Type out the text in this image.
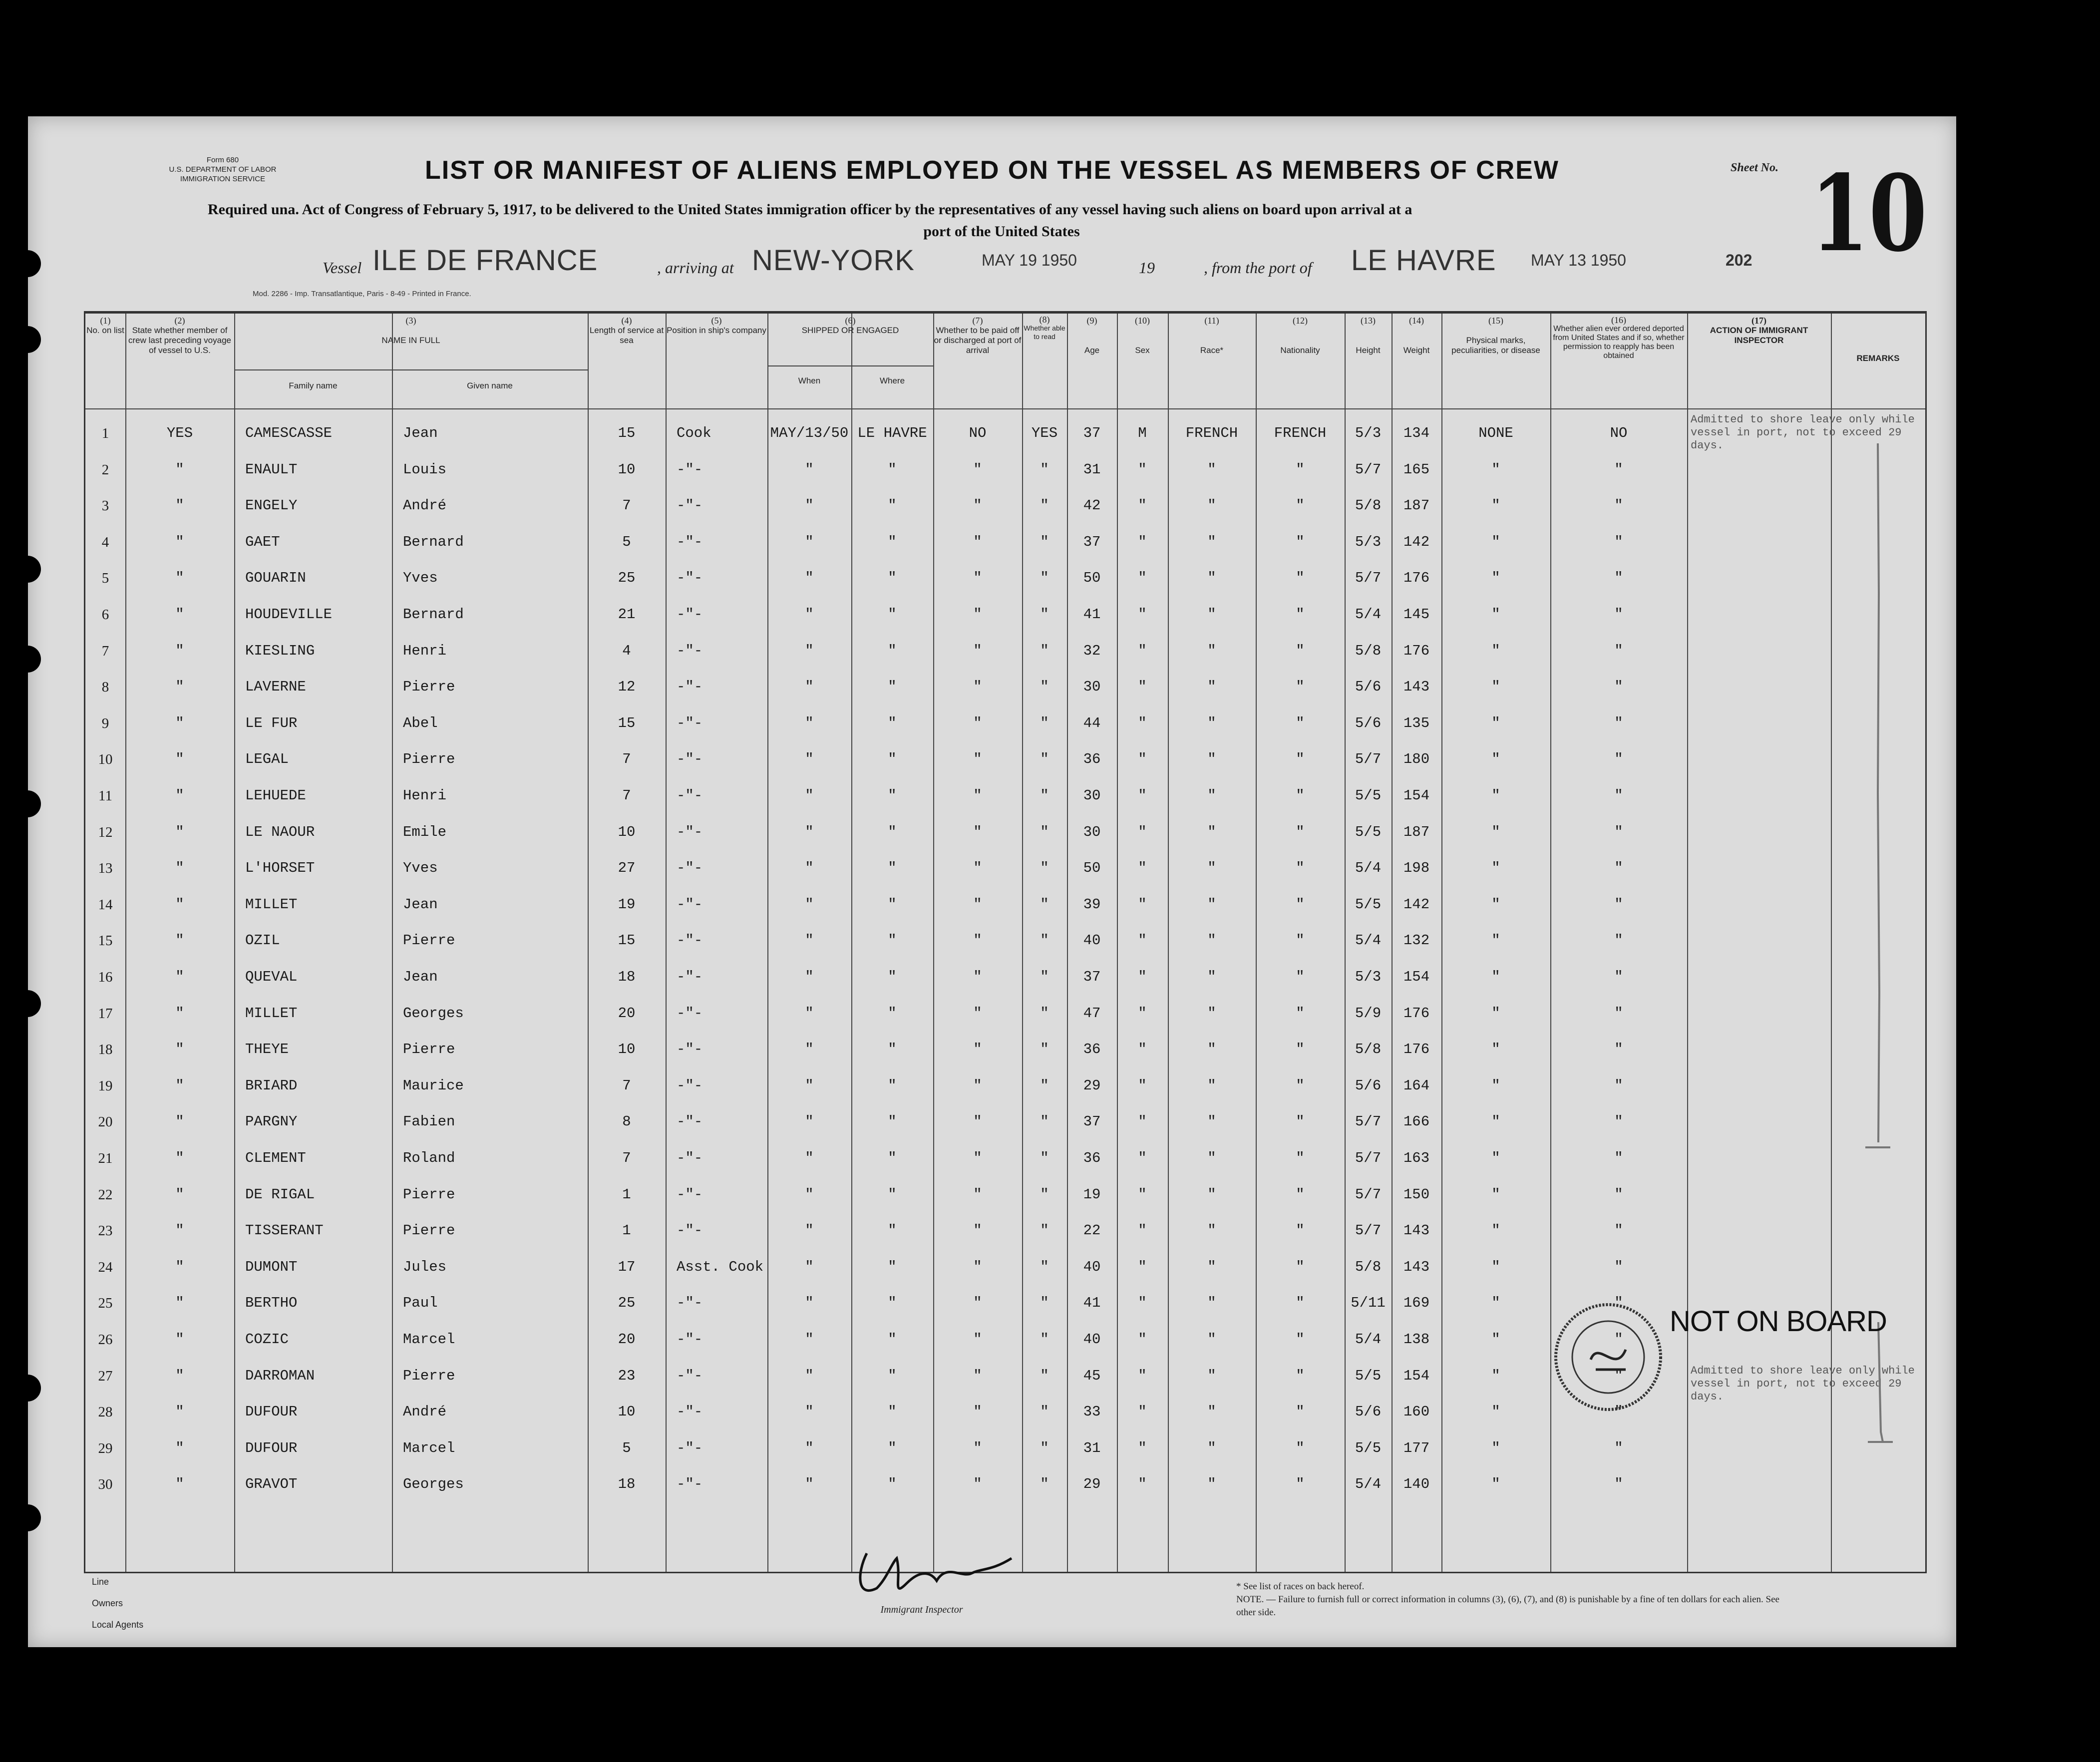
Form 680
U.S. DEPARTMENT OF LABOR
IMMIGRATION SERVICE	LIST OR MANIFEST OF ALIENS EMPLOYED ON THE VESSEL AS MEMBERS OF CREW	Sheet No. 10
Required una. Act of Congress of February 5, 1917, to be delivered to the United States immigration officer by the representatives of any vessel having such aliens on board upon arrival at a
port of the United States
Vessel ILE DE FRANCE	, arriving at NEW-YORK	MAY 19 1950	19	, from the port of LE HAVRE MAY 13 1950	202
Mod. 2286 - Imp. Transatlantique, Paris - 8-49 - Printed in France.
(2)
State whether member of crew last preceding voyage of vessel to U.S.
(1)
No. on list
(3)
NAME IN FULL
Family name	Given name
(4)
Length of service at sea
(5)
Position in ship's company
(6)
SHIPPED OR ENGAGED
When	Where
(7)
Whether to be paid off or discharged at port of arrival
(8)
Whether able to read
(9)
Age
(10)
Sex
(11)
Race*
(12)
Nationality
(13)
Height
(14)
Weight
(15)
Physical marks, peculiarities, or disease
(16)
Whether alien ever ordered deported from United States and if so, whether permission to reapply has been obtained
(17)
ACTION OF IMMIGRANT INSPECTOR
REMARKS
1	YES	CAMESCASSE	Jean	15	Cook	MAY/13/50 LE HAVRE	NO	YES	37	M	FRENCH	FRENCH	5/3	134	NONE	NO
2	"	ENAULT	Louis	10	-"-	"	"	"	"	31	"	"	"	5/7	165	"	"
3	"	ENGELY	André	7	-"-	"	"	"	"	42	"	"	"	5/8	187	"	"
4	"	GAET	Bernard	5	-"-	"	"	"	"	37	"	"	"	5/3	142	"	"
5	"	GOUARIN	Yves	25	-"-	"	"	"	"	50	"	"	"	5/7	176	"	"
6	"	HOUDEVILLE	Bernard	21	-"-	"	"	"	"	41	"	"	"	5/4	145	"	"
7	"	KIESLING	Henri	4	-"-	"	"	"	"	32	"	"	"	5/8	176	"	"
8	"	LAVERNE	Pierre	12	-"-	"	"	"	"	30	"	"	"	5/6	143	"	"
9	"	LE FUR	Abel	15	-"-	"	"	"	"	44	"	"	"	5/6	135	"	"
10	"	LEGAL	Pierre	7	-"-	"	"	"	"	36	"	"	"	5/7	180	"	"
11	"	LEHUEDE	Henri	7	-"-	"	"	"	"	30	"	"	"	5/5	154	"	"
12	"	LE NAOUR	Emile	10	-"-	"	"	"	"	30	"	"	"	5/5	187	"	"
13	"	L'HORSET	Yves	27	-"-	"	"	"	"	50	"	"	"	5/4	198	"	"
14	"	MILLET	Jean	19	-"-	"	"	"	"	39	"	"	"	5/5	142	"	"
15	"	OZIL	Pierre	15	-"-	"	"	"	"	40	"	"	"	5/4	132	"	"
16	"	QUEVAL	Jean	18	-"-	"	"	"	"	37	"	"	"	5/3	154	"	"
17	"	MILLET	Georges	20	-"-	"	"	"	"	47	"	"	"	5/9	176	"	"
18	"	THEYE	Pierre	10	-"-	"	"	"	"	36	"	"	"	5/8	176	"	"
19	"	BRIARD	Maurice	7	-"-	"	"	"	"	29	"	"	"	5/6	164	"	"
20	"	PARGNY	Fabien	8	-"-	"	"	"	"	37	"	"	"	5/7	166	"	"
21	"	CLEMENT	Roland	7	-"-	"	"	"	"	36	"	"	"	5/7	163	"	"
22	"	DE RIGAL	Pierre	1	-"-	"	"	"	"	19	"	"	"	5/7	150	"	"
23	"	TISSERANT	Pierre	1	-"-	"	"	"	"	22	"	"	"	5/7	143	"	"
24	"	DUMONT	Jules	17	Asst. Cook	"	"	"	"	40	"	"	"	5/8	143	"	"
25	"	BERTHO	Paul	25	-"-	"	"	"	"	41	"	"	"	5/11	169	"	"
26	"	COZIC	Marcel	20	-"-	"	"	"	"	40	"	"	"	5/4	138	"	"
27	"	DARROMAN	Pierre	23	-"-	"	"	"	"	45	"	"	"	5/5	154	"	"
28	"	DUFOUR	André	10	-"-	"	"	"	"	33	"	"	"	5/6	160	"	"
29	"	DUFOUR	Marcel	5	-"-	"	"	"	"	31	"	"	"	5/5	177	"	"
30	"	GRAVOT	Georges	18	-"-	"	"	"	"	29	"	"	"	5/4	140	"	"
Admitted to shore leave only while vessel in port, not to exceed 29 days.
Admitted to shore leave only while vessel in port, not to exceed 29 days.
NOT ON BOARD
Line
Owners
Local Agents
Immigrant Inspector
* See list of races on back hereof.
NOTE. — Failure to furnish full or correct information in columns (3), (6), (7), and (8) is punishable by a fine of ten dollars for each alien. See other side.
